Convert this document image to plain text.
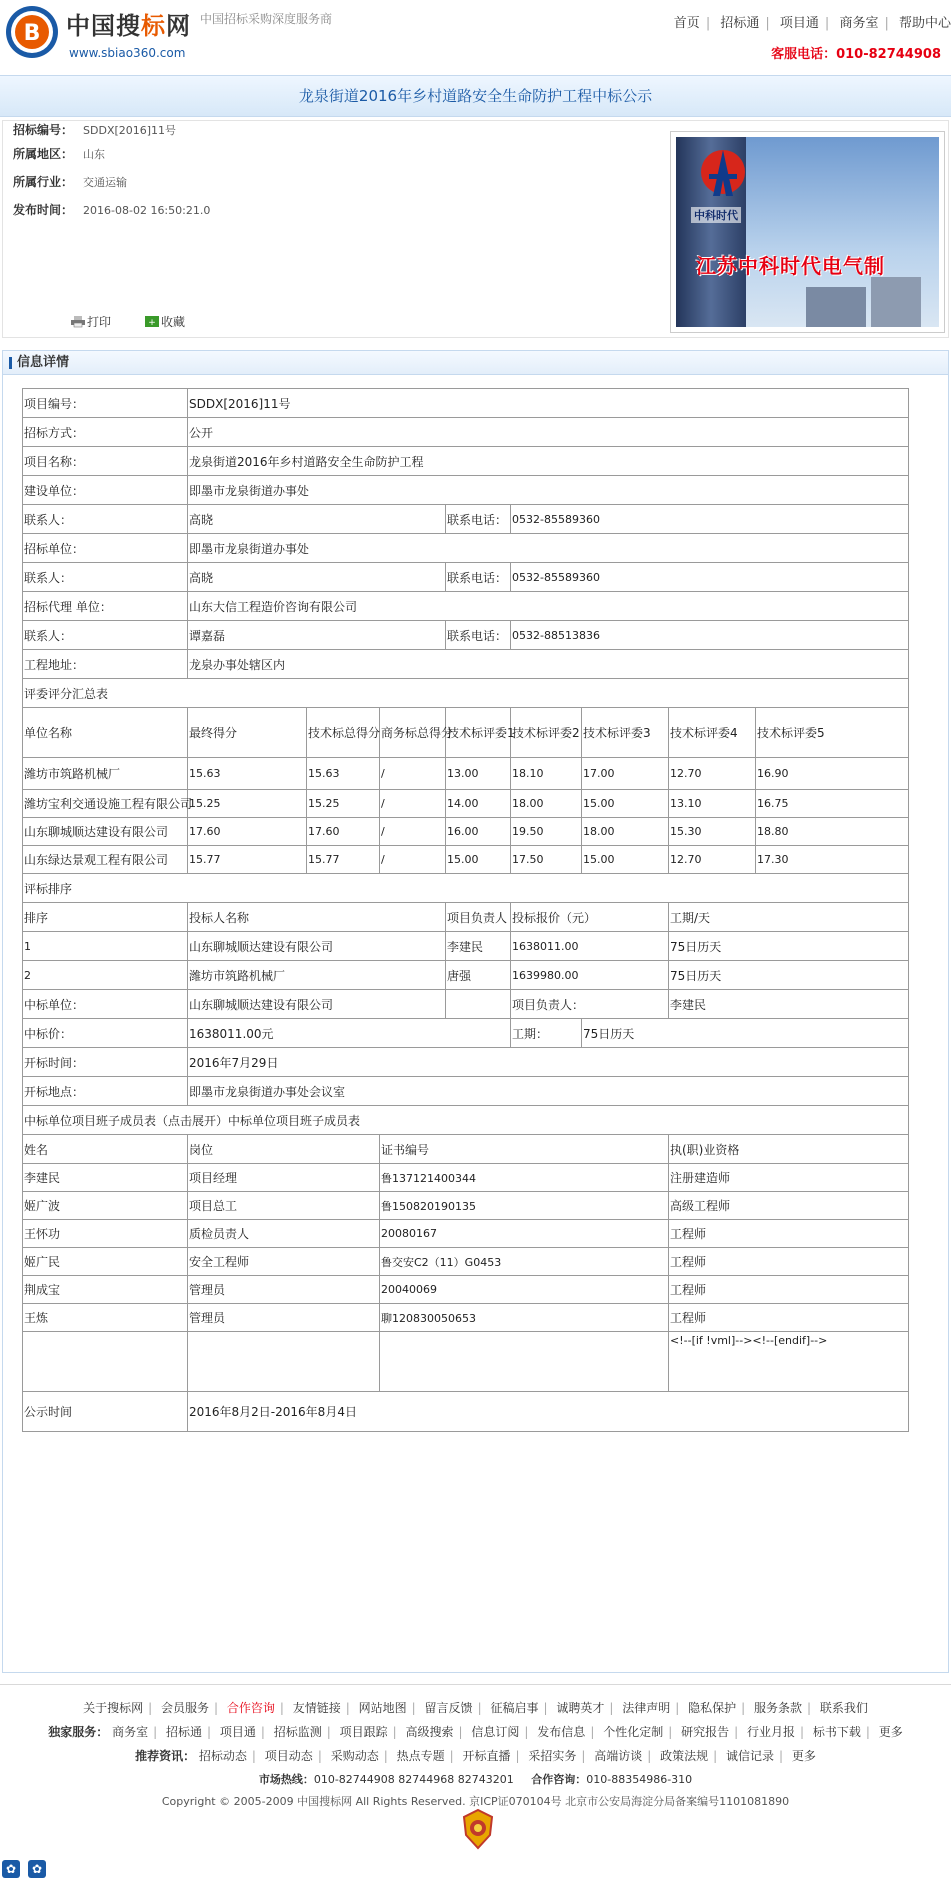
B 中国搜标网
www.sbiao360.com
中国招标采购深度服务商	首页 | 招标通 | 项目通 | 商务室 | 帮助中心
客服电话：010-82744908
龙泉街道2016年乡村道路安全生命防护工程中标公示
招标编号： SDDX[2016]11号
所属地区： 山东
所属行业： 交通运输
发布时间： 2016-08-02 16:50:21.0
打印	+ 收藏
中科时代
江苏中科时代电气制
信息详情
项目编号：	SDDX[2016]11号							
招标方式：	公开							
项目名称：	龙泉街道2016年乡村道路安全生命防护工程							
建设单位：	即墨市龙泉街道办事处							
联系人：	高晓			联系电话：	0532-85589360			
招标单位：	即墨市龙泉街道办事处							
联系人：	高晓			联系电话：	0532-85589360			
招标代理 单位：	山东大信工程造价咨询有限公司							
联系人：	谭嘉磊			联系电话：	0532-88513836			
工程地址：	龙泉办事处辖区内							
评委评分汇总表								
单位名称	最终得分	技术标总得分	商务标总得分	技术标评委1	技术标评委2	技术标评委3	技术标评委4	技术标评委5
潍坊市筑路机械厂	15.63	15.63	/	13.00	18.10	17.00	12.70	16.90
潍坊宝利交通设施工程有限公司	15.25	15.25	/	14.00	18.00	15.00	13.10	16.75
山东聊城顺达建设有限公司	17.60	17.60	/	16.00	19.50	18.00	15.30	18.80
山东绿达景观工程有限公司	15.77	15.77	/	15.00	17.50	15.00	12.70	17.30
评标排序								
排序	投标人名称			项目负责人	投标报价（元）		工期/天	
1	山东聊城顺达建设有限公司			李建民	1638011.00		75日历天	
2	潍坊市筑路机械厂			唐强	1639980.00		75日历天	
中标单位：	山东聊城顺达建设有限公司				项目负责人：		李建民	
中标价：	1638011.00元				工期：	75日历天		
开标时间：	2016年7月29日							
开标地点：	即墨市龙泉街道办事处会议室							
中标单位项目班子成员表（点击展开）中标单位项目班子成员表								
姓名	岗位		证书编号				执(职)业资格	
李建民	项目经理		鲁137121400344				注册建造师	
姬广波	项目总工		鲁150820190135				高级工程师	
王怀功	质检员责人		20080167				工程师	
姬广民	安全工程师		鲁交安C2（11）G0453				工程师	
荆成宝	管理员		20040069				工程师	
王炼	管理员		聊120830050653				工程师	
							<!--[if !vml]--><!--[endif]-->	
公示时间	2016年8月2日-2016年8月4日							
关于搜标网 | 会员服务 | 合作咨询 | 友情链接 | 网站地图 | 留言反馈 | 征稿启事 | 诚聘英才 | 法律声明 | 隐私保护 | 服务条款 | 联系我们
独家服务： 商务室 | 招标通 | 项目通 | 招标监测 | 项目跟踪 | 高级搜索 | 信息订阅 | 发布信息 | 个性化定制 | 研究报告 | 行业月报 | 标书下载 | 更多
推荐资讯： 招标动态 | 项目动态 | 采购动态 | 热点专题 | 开标直播 | 采招实务 | 高端访谈 | 政策法规 | 诚信记录 | 更多
市场热线：010-82744908 82744968 82743201 合作咨询：010-88354986-310
Copyright © 2005-2009 中国搜标网 All Rights Reserved. 京ICP证070104号 北京市公安局海淀分局备案编号1101081890
✿	✿
